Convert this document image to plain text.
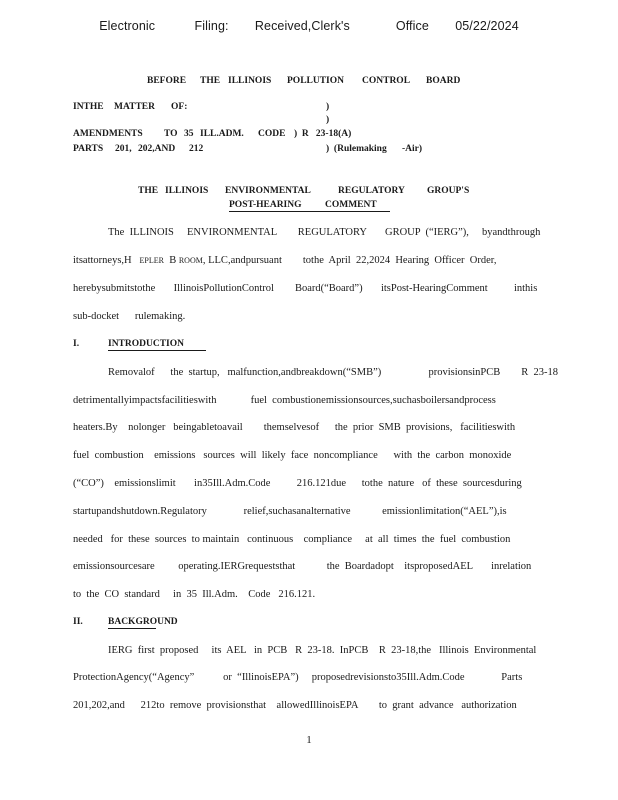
Electronic      Filing:    Received,Clerk's       Office    05/22/2024
BEFORE THE ILLINOIS POLLUTION CONTROL BOARD
INTHE MATTER OF:	)
)
AMENDMENTS TO 35 ILL.ADM. CODE )  R   23-18(A)
PARTS 201, 202,AND 212	)  (Rulemaking -Air)
THE ILLINOIS ENVIRONMENTAL	REGULATORY GROUP'S
POST-HEARING COMMENT
The  ILLINOIS     ENVIRONMENTAL        REGULATORY       GROUP  (“IERG”),     byandthrough
itsattorneys,H EPLER B ROOM, LLC,andpursuant        tothe  April  22,2024  Hearing  Officer  Order,
herebysubmitstothe       IllinoisPollutionControl        Board(“Board”)       itsPost-HearingComment          inthis
sub-docket      rulemaking.
I.	INTRODUCTION
Removalof      the  startup,   malfunction,andbreakdown(“SMB”)                  provisionsinPCB        R  23-18
detrimentallyimpactsfacilitieswith             fuel  combustionemissionsources,suchasboilersandprocess
heaters.By    nolonger   beingabletoavail        themselvesof      the  prior  SMB  provisions,   facilitieswith
fuel  combustion    emissions   sources  will  likely  face  noncompliance      with  the  carbon  monoxide
(“CO”)    emissionslimit       in35Ill.Adm.Code          216.121due      tothe  nature   of  these  sourcesduring
startupandshutdown.Regulatory              relief,suchasanalternative            emissionlimitation(“AEL”),is
needed   for  these  sources  to maintain   continuous    compliance     at  all  times  the  fuel  combustion
emissionsourcesare         operating.IERGrequeststhat            the  Boardadopt    itsproposedAEL       inrelation
to  the  CO  standard     in  35  Ill.Adm.    Code   216.121.
II.	BACKGROUND
IERG  first  proposed     its  AEL   in  PCB   R  23-18.  InPCB    R  23-18,the   Illinois  Environmental
ProtectionAgency(“Agency”           or  “IllinoisEPA”)     proposedrevisionsto35Ill.Adm.Code              Parts
201,202,and      212to  remove  provisionsthat    allowedIllinoisEPA        to  grant  advance   authorization
1
